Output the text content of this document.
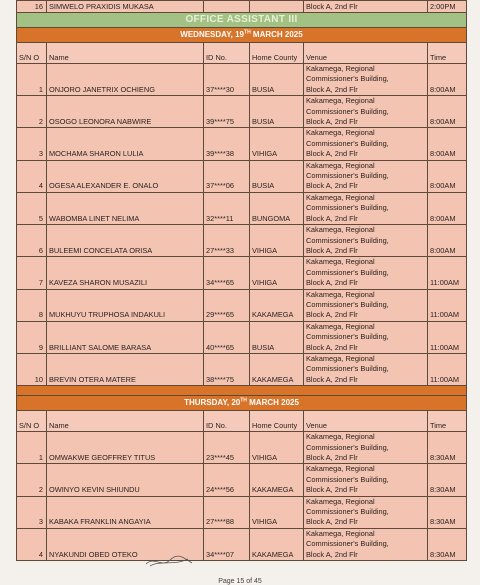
16	SIMWELO PRAXIDIS MUKASA			Block A, 2nd Flr	2:00PM
OFFICE ASSISTANT III					
WEDNESDAY, 19TH MARCH 2025					
S/N O	Name	ID No.	Home County	Venue	Time
1	ONJORO JANETRIX OCHIENG	37****30	BUSIA	Kakamega, Regional
Commissioner's Building,
Block A, 2nd Flr	8:00AM
2	OSOGO LEONORA NABWIRE	39****75	BUSIA	Kakamega, Regional
Commissioner's Building,
Block A, 2nd Flr	8:00AM
3	MOCHAMA SHARON LULIA	39****38	VIHIGA	Kakamega, Regional
Commissioner's Building,
Block A, 2nd Flr	8:00AM
4	OGESA ALEXANDER E. ONALO	37****06	BUSIA	Kakamega, Regional
Commissioner's Building,
Block A, 2nd Flr	8:00AM
5	WABOMBA LINET NELIMA	32****11	BUNGOMA	Kakamega, Regional
Commissioner's Building,
Block A, 2nd Flr	8:00AM
6	BULEEMI CONCELATA ORISA	27****33	VIHIGA	Kakamega, Regional
Commissioner's Building,
Block A, 2nd Flr	8:00AM
7	KAVEZA SHARON MUSAZILI	34****65	VIHIGA	Kakamega, Regional
Commissioner's Building,
Block A, 2nd Flr	11:00AM
8	MUKHUYU TRUPHOSA INDAKULI	29****65	KAKAMEGA	Kakamega, Regional
Commissioner's Building,
Block A, 2nd Flr	11:00AM
9	BRILLIANT SALOME BARASA	40****65	BUSIA	Kakamega, Regional
Commissioner's Building,
Block A, 2nd Flr	11:00AM
10	BREVIN OTERA MATERE	38****75	KAKAMEGA	Kakamega, Regional
Commissioner's Building,
Block A, 2nd Flr	11:00AM

THURSDAY, 20TH MARCH 2025					
S/N O	Name	ID No.	Home County	Venue	Time
1	OMWAKWE GEOFFREY TITUS	23****45	VIHIGA	Kakamega, Regional
Commissioner's Building,
Block A, 2nd Flr	8:30AM
2	OWINYO KEVIN SHIUNDU	24****56	KAKAMEGA	Kakamega, Regional
Commissioner's Building,
Block A, 2nd Flr	8:30AM
3	KABAKA FRANKLIN ANGAYIA	27****88	VIHIGA	Kakamega, Regional
Commissioner's Building,
Block A, 2nd Flr	8:30AM
4	NYAKUNDI OBED OTEKO	34****07	KAKAMEGA	Kakamega, Regional
Commissioner's Building,
Block A, 2nd Flr	8:30AM
Page 15 of 45
